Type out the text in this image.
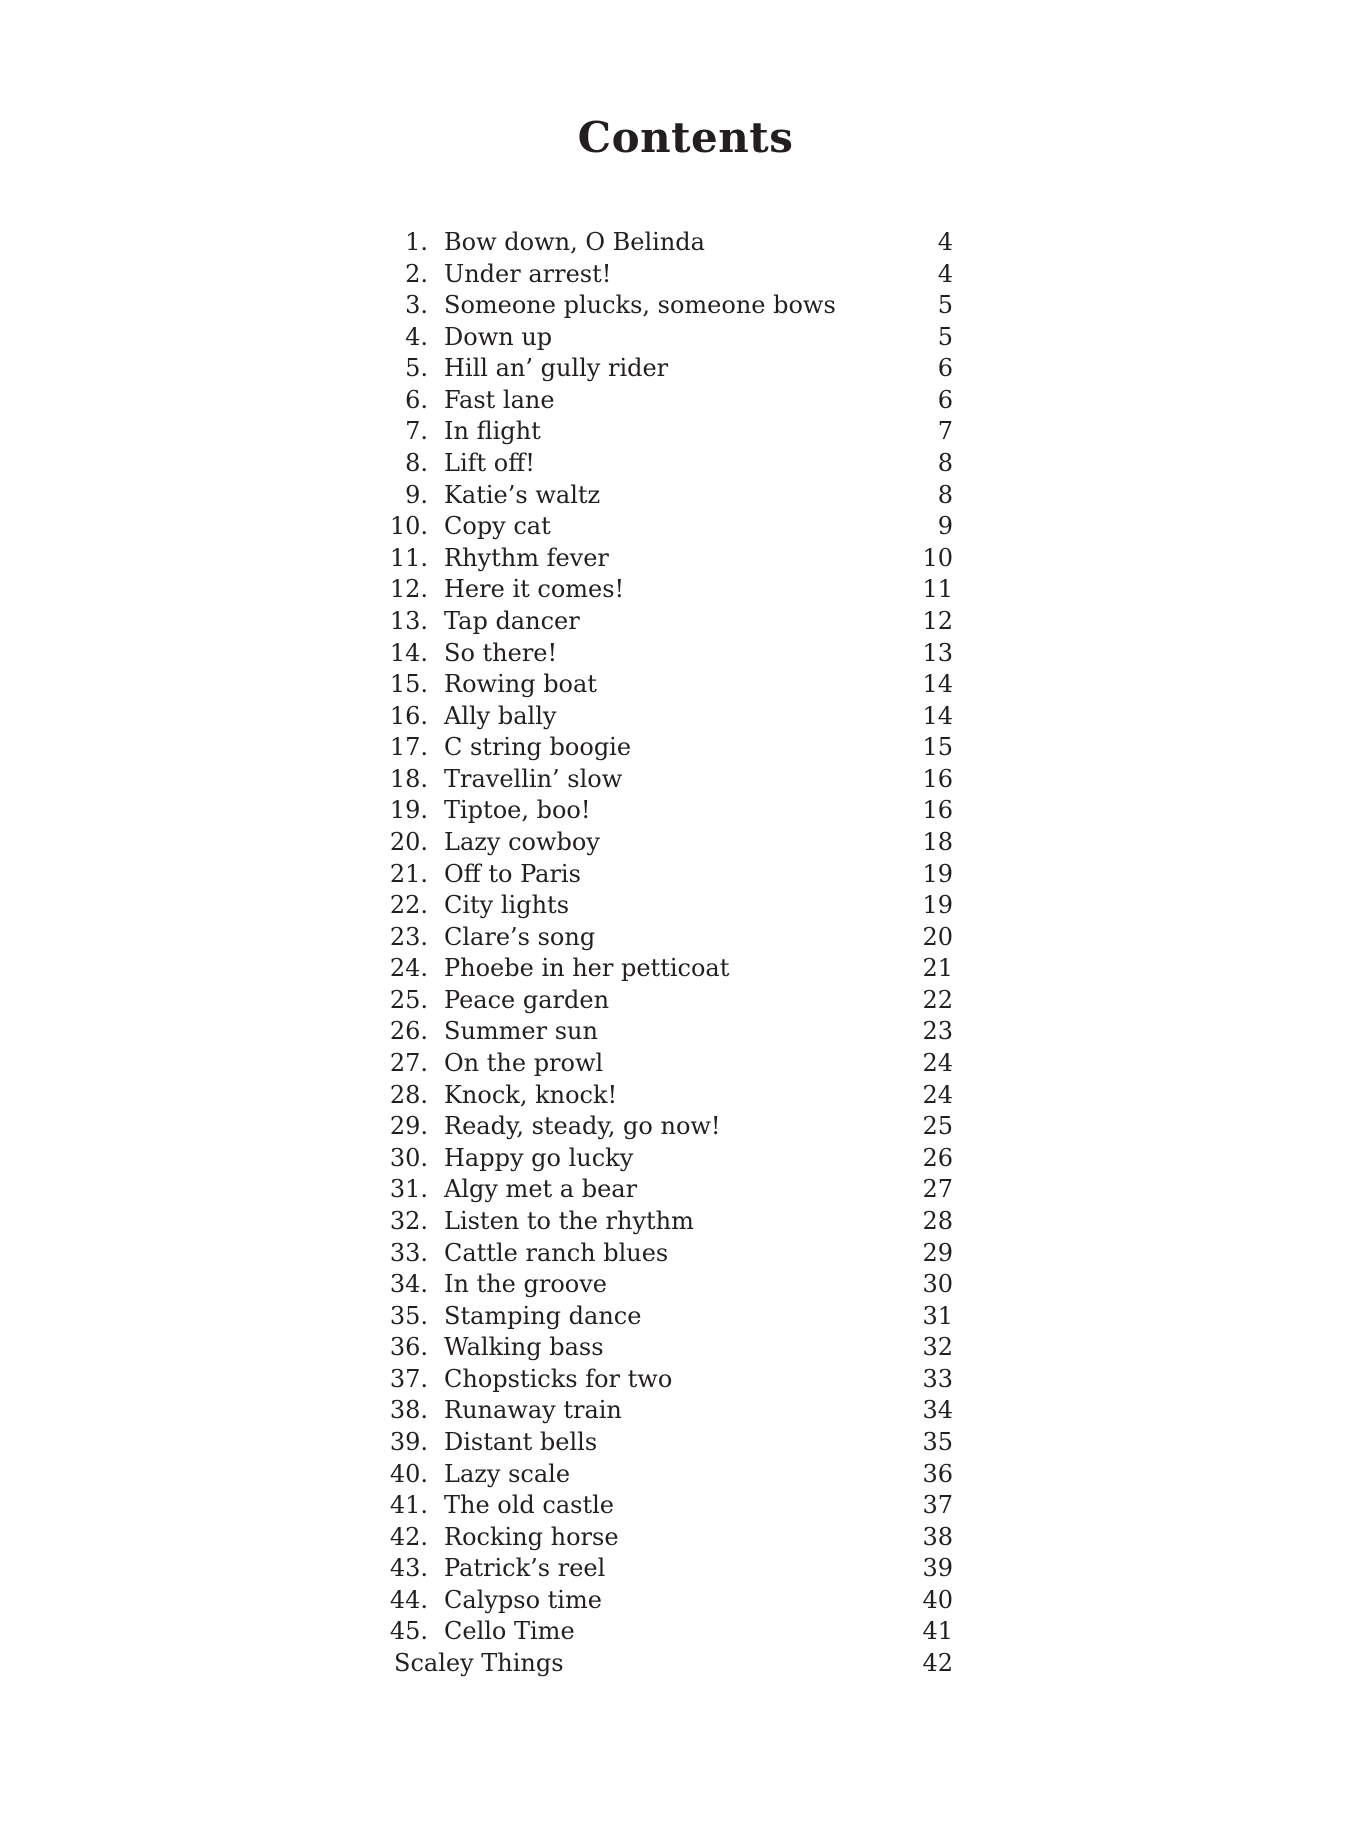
Contents
1. Bow down, O Belinda	4
2. Under arrest!	4
3. Someone plucks, someone bows	5
4. Down up	5
5. Hill an’ gully rider	6
6. Fast lane	6
7. In flight	7
8. Lift off!	8
9. Katie’s waltz	8
10. Copy cat	9
11. Rhythm fever	10
12. Here it comes!	11
13. Tap dancer	12
14. So there!	13
15. Rowing boat	14
16. Ally bally	14
17. C string boogie	15
18. Travellin’ slow	16
19. Tiptoe, boo!	16
20. Lazy cowboy	18
21. Off to Paris	19
22. City lights	19
23. Clare’s song	20
24. Phoebe in her petticoat	21
25. Peace garden	22
26. Summer sun	23
27. On the prowl	24
28. Knock, knock!	24
29. Ready, steady, go now!	25
30. Happy go lucky	26
31. Algy met a bear	27
32. Listen to the rhythm	28
33. Cattle ranch blues	29
34. In the groove	30
35. Stamping dance	31
36. Walking bass	32
37. Chopsticks for two	33
38. Runaway train	34
39. Distant bells	35
40. Lazy scale	36
41. The old castle	37
42. Rocking horse	38
43. Patrick’s reel	39
44. Calypso time	40
45. Cello Time	41
Scaley Things	42
